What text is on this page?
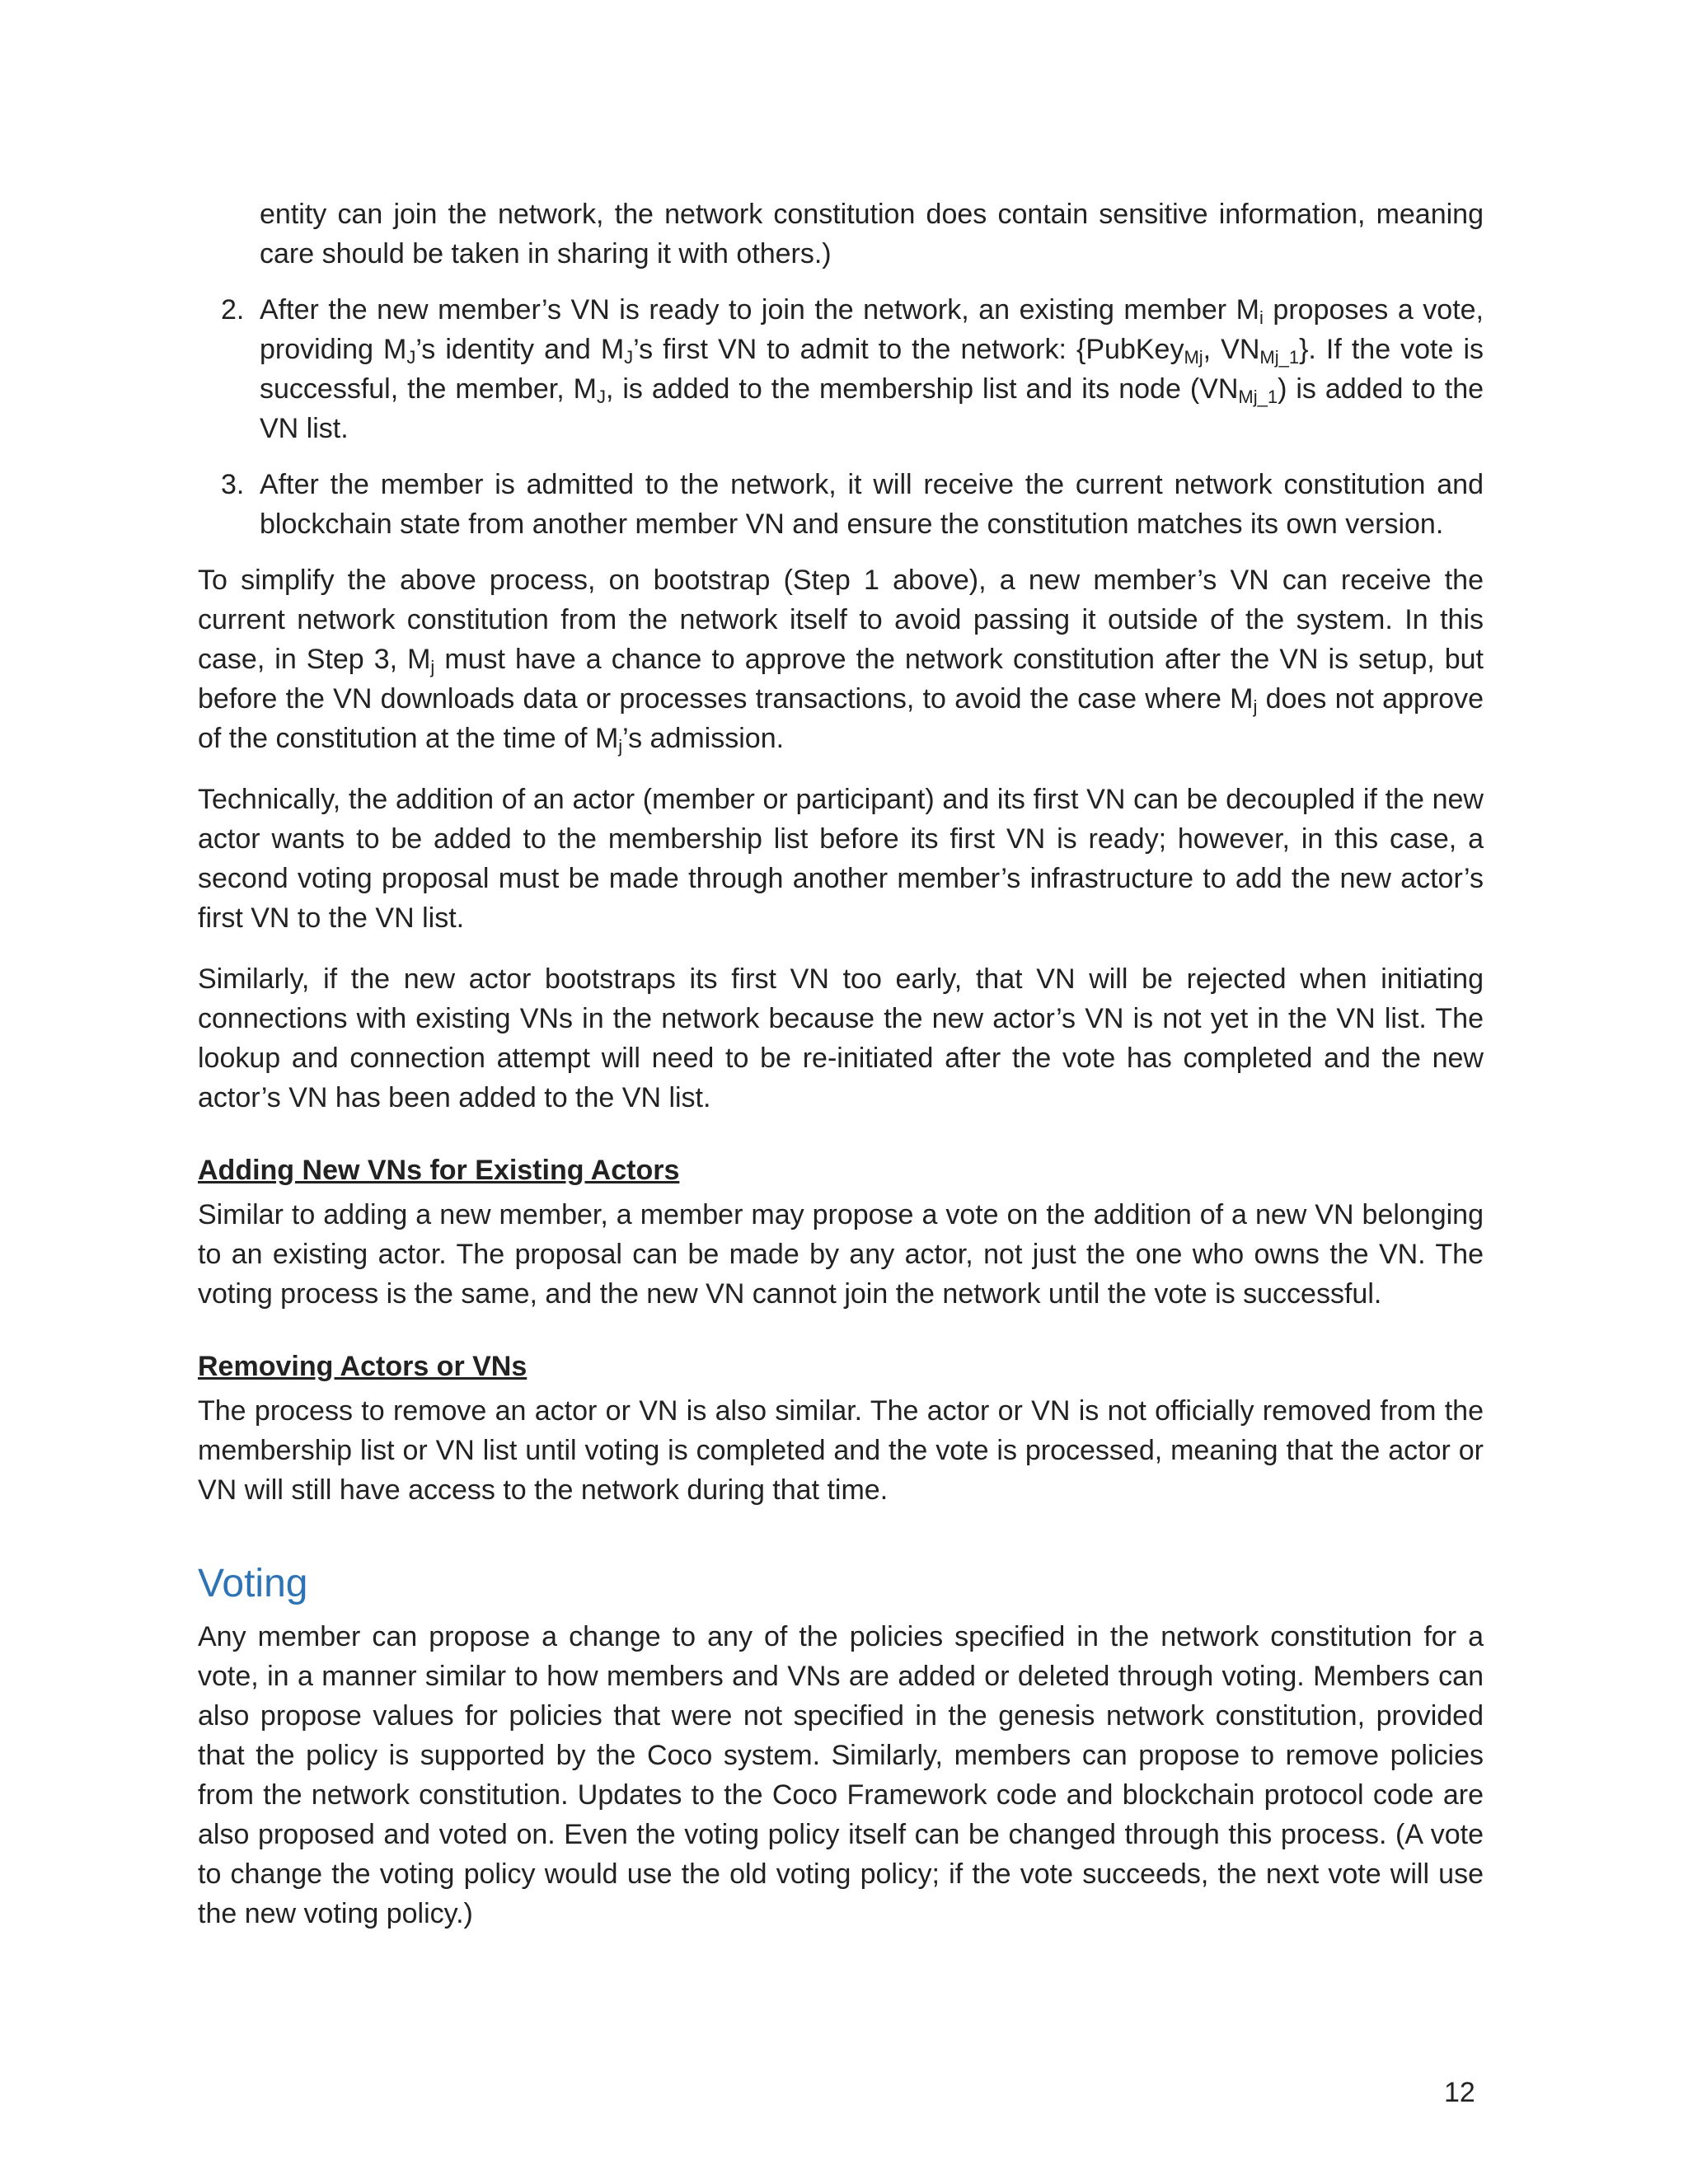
entity can join the network, the network constitution does contain sensitive information, meaning care should be taken in sharing it with others.)

2. After the new member’s VN is ready to join the network, an existing member $M_i$ proposes a vote, providing $M_J’s$ identity and $M_J’s$ first VN to admit to the network: {PubKey$_{Mj}$, $VN_{Mj\_1}$}. If the vote is successful, the member, $M_J$, is added to the membership list and its node $(VN_{Mj\_1})$ is added to the VN list.

3. After the member is admitted to the network, it will receive the current network constitution and blockchain state from another member VN and ensure the constitution matches its own version.

To simplify the above process, on bootstrap (Step 1 above), a new member’s VN can receive the current network constitution from the network itself to avoid passing it outside of the system. In this case, in Step 3, $M_j$ must have a chance to approve the network constitution after the VN is setup, but before the VN downloads data or processes transactions, to avoid the case where $M_j$ does not approve of the constitution at the time of $M_j’s$ admission.

Technically, the addition of an actor (member or participant) and its first VN can be decoupled if the new actor wants to be added to the membership list before its first VN is ready; however, in this case, a second voting proposal must be made through another member’s infrastructure to add the new actor’s first VN to the VN list.

Similarly, if the new actor bootstraps its first VN too early, that VN will be rejected when initiating connections with existing VNs in the network because the new actor’s VN is not yet in the VN list. The lookup and connection attempt will need to be re-initiated after the vote has completed and the new actor’s VN has been added to the VN list.

Adding New VNs for Existing Actors

Similar to adding a new member, a member may propose a vote on the addition of a new VN belonging to an existing actor. The proposal can be made by any actor, not just the one who owns the VN. The voting process is the same, and the new VN cannot join the network until the vote is successful.

Removing Actors or VNs

The process to remove an actor or VN is also similar. The actor or VN is not officially removed from the membership list or VN list until voting is completed and the vote is processed, meaning that the actor or VN will still have access to the network during that time.

Voting

Any member can propose a change to any of the policies specified in the network constitution for a vote, in a manner similar to how members and VNs are added or deleted through voting. Members can also propose values for policies that were not specified in the genesis network constitution, provided that the policy is supported by the Coco system. Similarly, members can propose to remove policies from the network constitution. Updates to the Coco Framework code and blockchain protocol code are also proposed and voted on. Even the voting policy itself can be changed through this process. (A vote to change the voting policy would use the old voting policy; if the vote succeeds, the next vote will use the new voting policy.)

12
